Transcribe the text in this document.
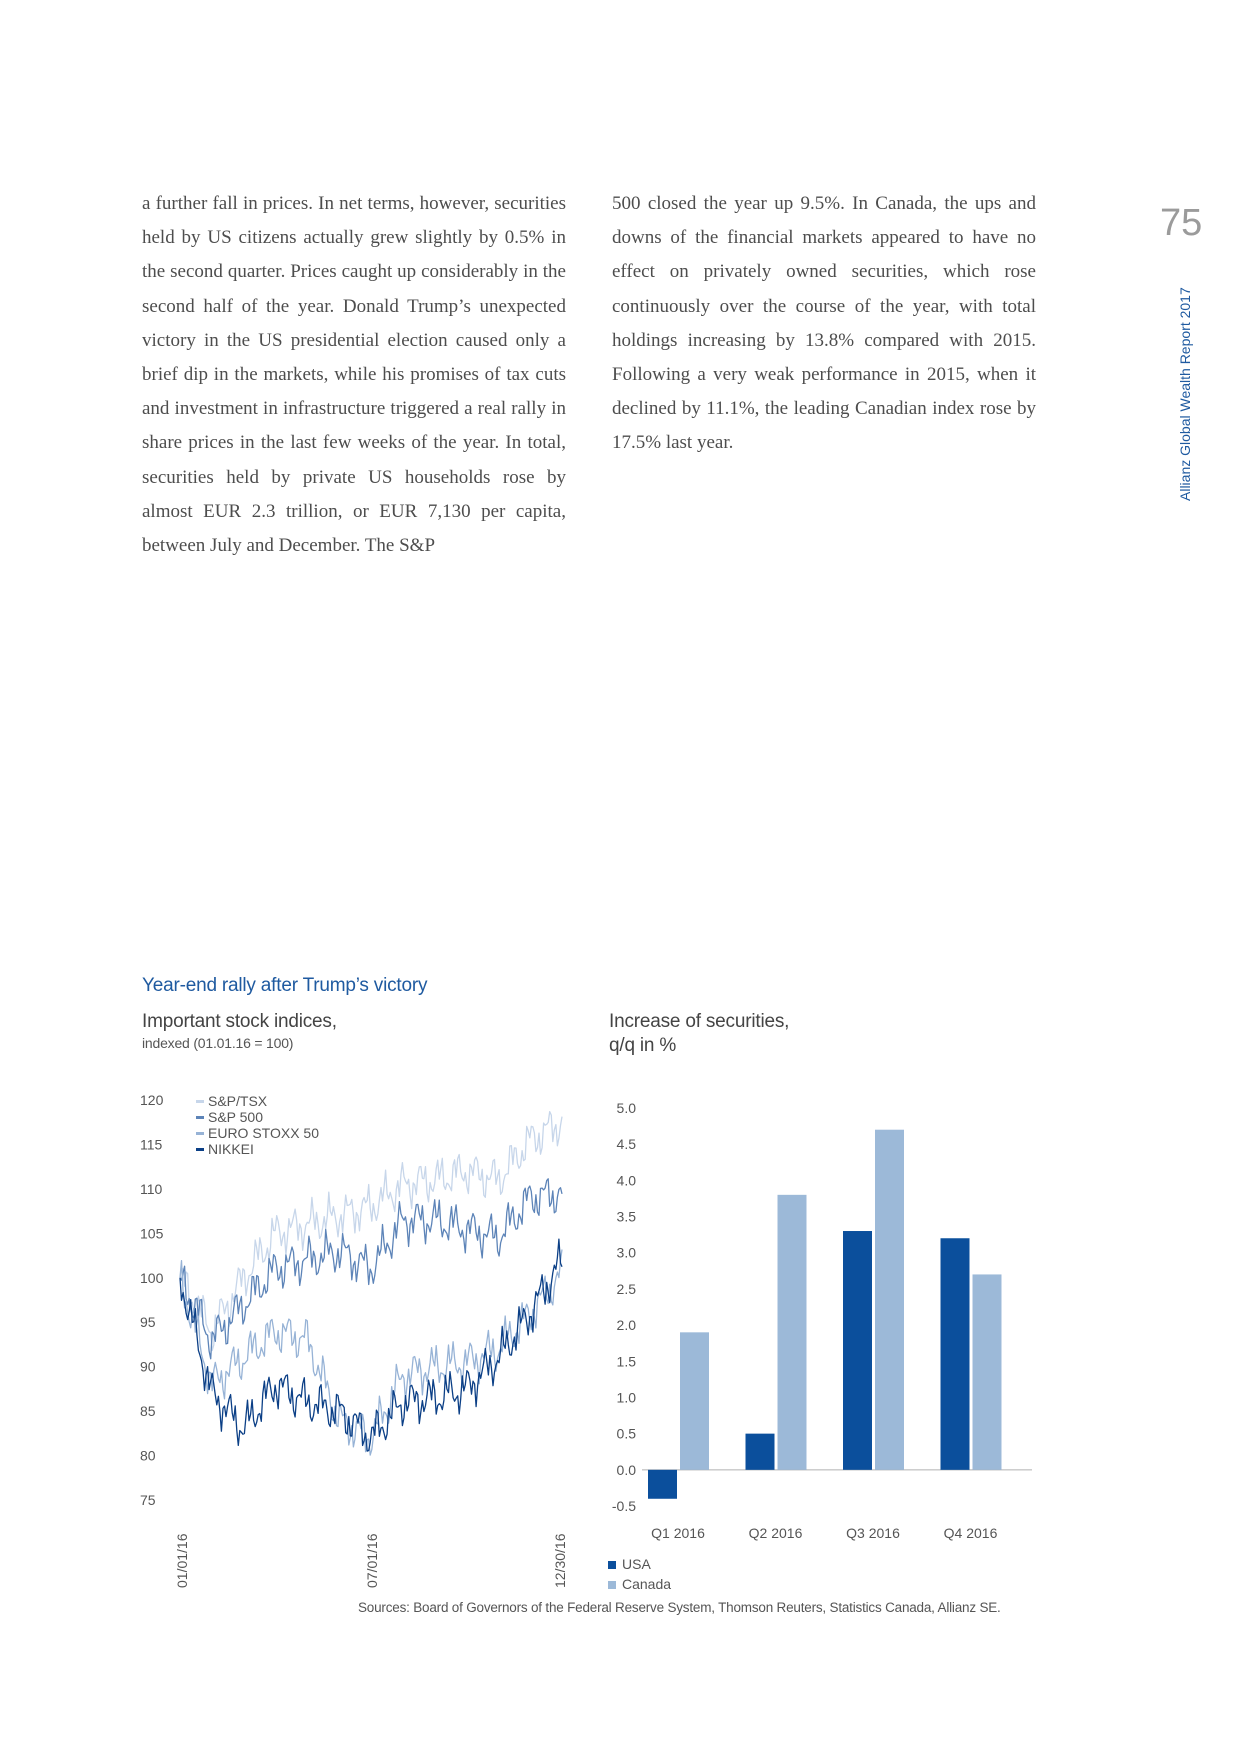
a further fall in prices. In net terms, however, securities held by US citizens actually grew slightly by 0.5% in the second quarter. Prices caught up considerably in the second half of the year. Donald Trump’s unexpected victory in the US presidential election caused only a brief dip in the markets, while his promises of tax cuts and investment in infrastructure triggered a real rally in share prices in the last few weeks of the year. In total, securities held by private US households rose by almost EUR 2.3 trillion, or EUR 7,130 per capita, between July and December. The S&P
500 closed the year up 9.5%. In Canada, the ups and downs of the financial markets appeared to have no effect on privately owned securities, which rose continuously over the course of the year, with total holdings increasing by 13.8% compared with 2015. Following a very weak performance in 2015, when it declined by 11.1%, the leading Canadian index rose by 17.5% last year.
75
Allianz Global Wealth Report 2017
Year-end rally after Trump’s victory
Important stock indices,
indexed (01.01.16 = 100)
Increase of securities,
q/q in %
120
115
110
105
100
95
90
85
80
75
01/01/16	07/01/16	12/30/16
S&P/TSX
S&P 500
EURO STOXX 50
NIKKEI
5.0
4.5
4.0
3.5
3.0
2.5
2.0
1.5
1.0
0.5
0.0
-0.5
Q1 2016	Q2 2016	Q3 2016	Q4 2016
USA
Canada
Sources: Board of Governors of the Federal Reserve System, Thomson Reuters, Statistics Canada, Allianz SE.
